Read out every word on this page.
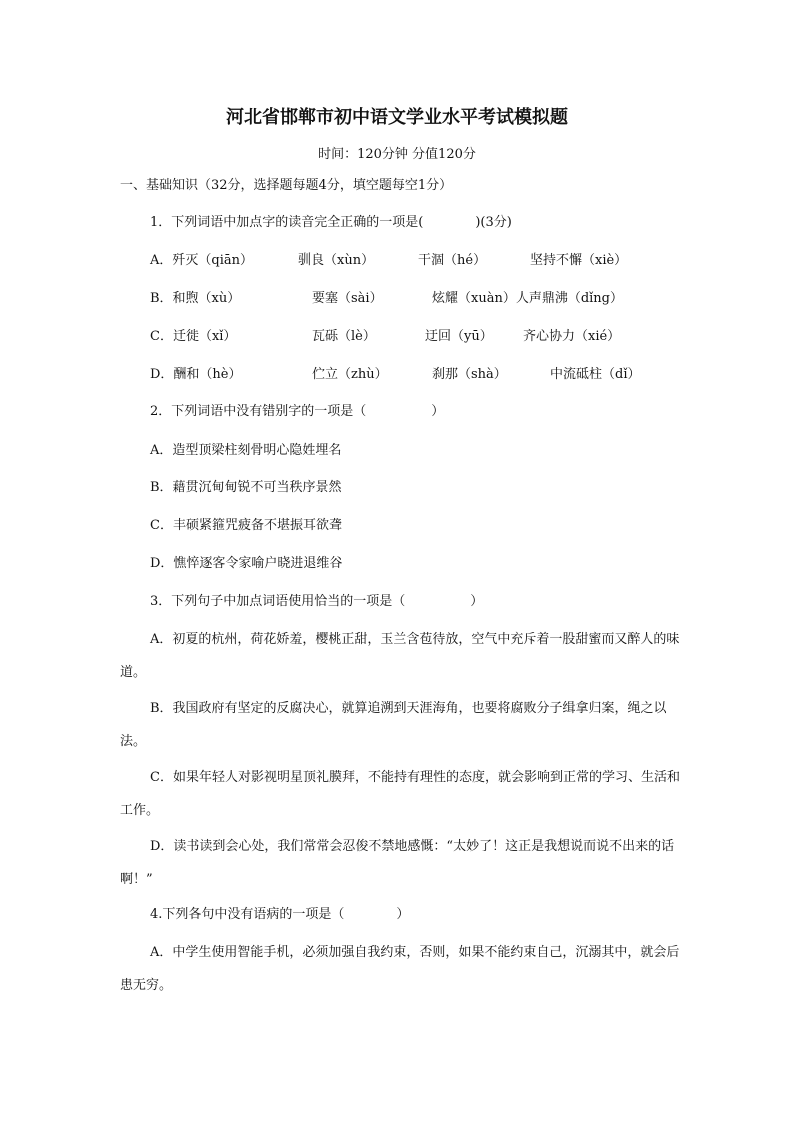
河北省邯郸市初中语文学业水平考试模拟题
时间：120分钟 分值120分
一、基础知识（32分，选择题每题4分，填空题每空1分）
1．下列词语中加点字的读音完全正确的一项是(　　　　)(3分)
A．歼灭（qiān）	驯良（xùn）	干涸（hé）	坚持不懈（xiè）
B．和煦（xù）	要塞（sài）	炫耀（xuàn）人声鼎沸（dǐng）
C．迁徙（xǐ）	瓦砾（lè）	迂回（yū） 齐心协力（xié）
D．酬和（hè）	伫立（zhù）	刹那（shà）	中流砥柱（dǐ）
2．下列词语中没有错别字的一项是（　　　　　）
A．造型顶梁柱刻骨明心隐姓埋名
B．藉贯沉甸甸锐不可当秩序景然
C．丰硕紧箍咒疲备不堪振耳欲聋
D．憔悴逐客令家喻户晓进退维谷
3．下列句子中加点词语使用恰当的一项是（　　　　　）
A．初夏的杭州，荷花娇羞，樱桃正甜，玉兰含苞待放，空气中充斥着一股甜蜜而又醉人的味道。
B．我国政府有坚定的反腐决心，就算追溯到天涯海角，也要将腐败分子缉拿归案，绳之以法。
C．如果年轻人对影视明星顶礼膜拜，不能持有理性的态度，就会影响到正常的学习、生活和工作。
D．读书读到会心处，我们常常会忍俊不禁地感慨：“太妙了！这正是我想说而说不出来的话啊！”
4.下列各句中没有语病的一项是（　　　　）
A．中学生使用智能手机，必须加强自我约束，否则，如果不能约束自己，沉溺其中，就会后患无穷。
